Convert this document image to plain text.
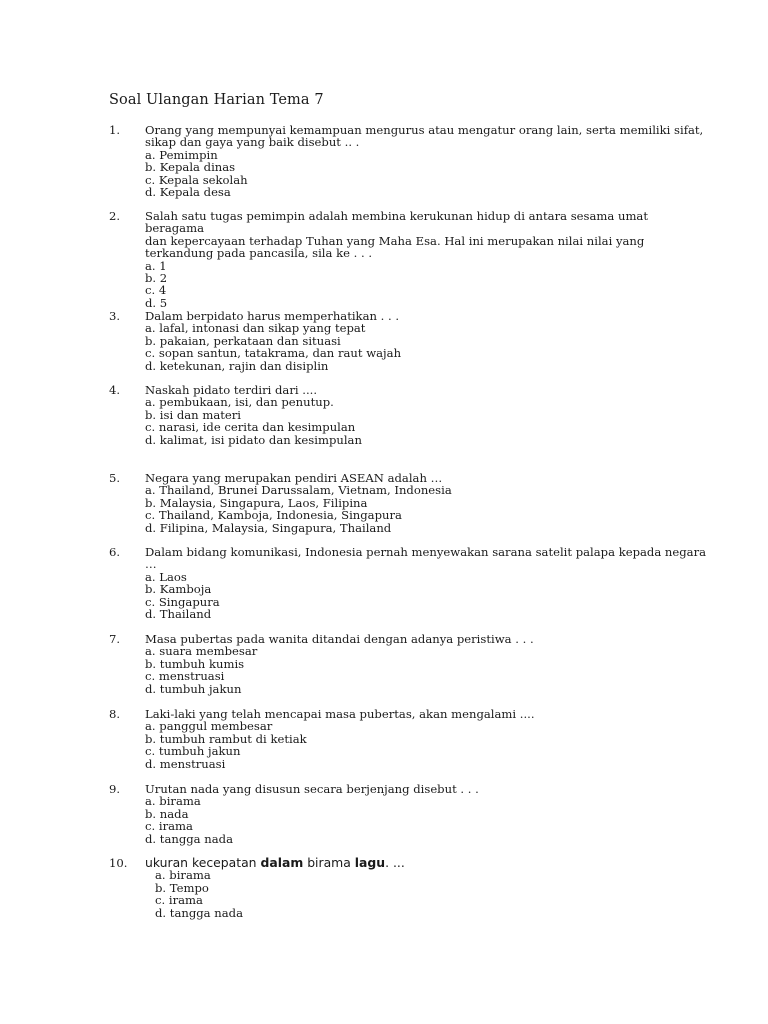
Soal Ulangan Harian Tema 7
1. Orang yang mempunyai kemampuan mengurus atau mengatur orang lain, serta memiliki sifat,
sikap dan gaya yang baik disebut .. .
a. Pemimpin
b. Kepala dinas
c. Kepala sekolah
d. Kepala desa
2. Salah satu tugas pemimpin adalah membina kerukunan hidup di antara sesama umat beragama
dan kepercayaan terhadap Tuhan yang Maha Esa. Hal ini merupakan nilai nilai yang
terkandung pada pancasila, sila ke . . .
a. 1
b. 2
c. 4
d. 5
3. Dalam berpidato harus memperhatikan . . .
a. lafal, intonasi dan sikap yang tepat
b. pakaian, perkataan dan situasi
c. sopan santun, tatakrama, dan raut wajah
d. ketekunan, rajin dan disiplin
4. Naskah pidato terdiri dari ....
a. pembukaan, isi, dan penutup.
b. isi dan materi
c. narasi, ide cerita dan kesimpulan
d. kalimat, isi pidato dan kesimpulan
5. Negara yang merupakan pendiri ASEAN adalah …
a. Thailand, Brunei Darussalam, Vietnam, Indonesia
b. Malaysia, Singapura, Laos, Filipina
c. Thailand, Kamboja, Indonesia, Singapura
d. Filipina, Malaysia, Singapura, Thailand
6. Dalam bidang komunikasi, Indonesia pernah menyewakan sarana satelit palapa kepada negara
…
a. Laos
b. Kamboja
c. Singapura
d. Thailand
7. Masa pubertas pada wanita ditandai dengan adanya peristiwa . . .
a. suara membesar
b. tumbuh kumis
c. menstruasi
d. tumbuh jakun
8. Laki-laki yang telah mencapai masa pubertas, akan mengalami ....
a. panggul membesar
b. tumbuh rambut di ketiak
c. tumbuh jakun
d. menstruasi
9. Urutan nada yang disusun secara berjenjang disebut . . .
a. birama
b. nada
c. irama
d. tangga nada
10. ukuran kecepatan dalam birama lagu. ...
a. birama
b. Tempo
c. irama
d. tangga nada
